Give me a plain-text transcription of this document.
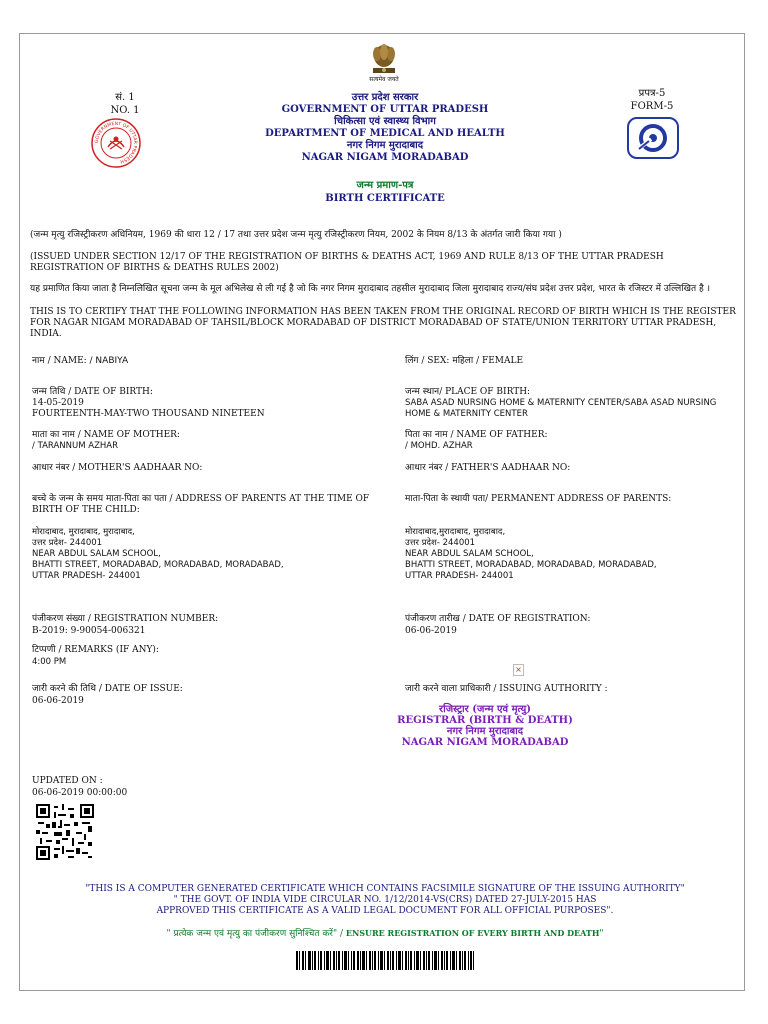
सत्यमेव जयते
सं. 1
NO. 1
प्रपत्र-5
FORM-5
GOVERNMENT OF UTTAR PRADESH
उत्तर प्रदेश सरकार
GOVERNMENT OF UTTAR PRADESH
चिकित्सा एवं स्वास्थ्य विभाग
DEPARTMENT OF MEDICAL AND HEALTH
नगर निगम मुरादाबाद
NAGAR NIGAM MORADABAD
जन्म प्रमाण-पत्र
BIRTH CERTIFICATE
(जन्म मृत्यु रजिस्ट्रीकरण अधिनियम, 1969 की धारा 12 / 17 तथा उत्तर प्रदेश जन्म मृत्यु रजिस्ट्रीकरण नियम, 2002 के नियम 8/13 के अंतर्गत जारी किया गया )
(ISSUED UNDER SECTION 12/17 OF THE REGISTRATION OF BIRTHS & DEATHS ACT, 1969 AND RULE 8/13 OF THE UTTAR PRADESH REGISTRATION OF BIRTHS & DEATHS RULES 2002)
यह प्रमाणित किया जाता है निम्नलिखित सूचना जन्म के मूल अभिलेख से ली गई है जो कि नगर निगम मुरादाबाद तहसील मुरादाबाद जिला मुरादाबाद राज्य/संघ प्रदेश उत्तर प्रदेश, भारत के रजिस्टर में उल्लिखित है ।
THIS IS TO CERTIFY THAT THE FOLLOWING INFORMATION HAS BEEN TAKEN FROM THE ORIGINAL RECORD OF BIRTH WHICH IS THE REGISTER FOR NAGAR NIGAM MORADABAD OF TAHSIL/BLOCK MORADABAD OF DISTRICT MORADABAD OF STATE/UNION TERRITORY UTTAR PRADESH, INDIA.
नाम / NAME: / NABIYA	लिंग / SEX: महिला / FEMALE
जन्म तिथि / DATE OF BIRTH:
14-05-2019
FOURTEENTH-MAY-TWO THOUSAND NINETEEN
जन्म स्थान/ PLACE OF BIRTH:
SABA ASAD NURSING HOME & MATERNITY CENTER/SABA ASAD NURSING HOME & MATERNITY CENTER
माता का नाम / NAME OF MOTHER:
/ TARANNUM AZHAR
पिता का नाम / NAME OF FATHER:
/ MOHD. AZHAR
आधार नंबर / MOTHER'S AADHAAR NO:	आधार नंबर / FATHER'S AADHAAR NO:
बच्चे के जन्म के समय माता-पिता का पता / ADDRESS OF PARENTS AT THE TIME OF BIRTH OF THE CHILD:
मोरादाबाद, मुरादाबाद, मुरादाबाद,
उत्तर प्रदेश- 244001
NEAR ABDUL SALAM SCHOOL,
BHATTI STREET, MORADABAD, MORADABAD, MORADABAD,
UTTAR PRADESH- 244001
माता-पिता के स्थायी पता/ PERMANENT ADDRESS OF PARENTS:
मोरादाबाद,मुरादाबाद, मुरादाबाद,
उत्तर प्रदेश- 244001
NEAR ABDUL SALAM SCHOOL,
BHATTI STREET, MORADABAD, MORADABAD, MORADABAD,
UTTAR PRADESH- 244001
पंजीकरण संख्या / REGISTRATION NUMBER:
B-2019: 9-90054-006321
पंजीकरण तारीख / DATE OF REGISTRATION:
06-06-2019
टिप्पणी / REMARKS (IF ANY):
4:00 PM
×
जारी करने की तिथि / DATE OF ISSUE:
06-06-2019
जारी करने वाला प्राधिकारी / ISSUING AUTHORITY :
रजिस्ट्रार (जन्म एवं मृत्यु)
REGISTRAR (BIRTH & DEATH)
नगर निगम मुरादाबाद
NAGAR NIGAM MORADABAD
UPDATED ON :
06-06-2019 00:00:00
"THIS IS A COMPUTER GENERATED CERTIFICATE WHICH CONTAINS FACSIMILE SIGNATURE OF THE ISSUING AUTHORITY"
" THE GOVT. OF INDIA VIDE CIRCULAR NO. 1/12/2014-VS(CRS) DATED 27-JULY-2015 HAS
APPROVED THIS CERTIFICATE AS A VALID LEGAL DOCUMENT FOR ALL OFFICIAL PURPOSES".
" प्रत्येक जन्म एवं मृत्यु का पंजीकरण सुनिश्चित करें" / ENSURE REGISTRATION OF EVERY BIRTH AND DEATH"
